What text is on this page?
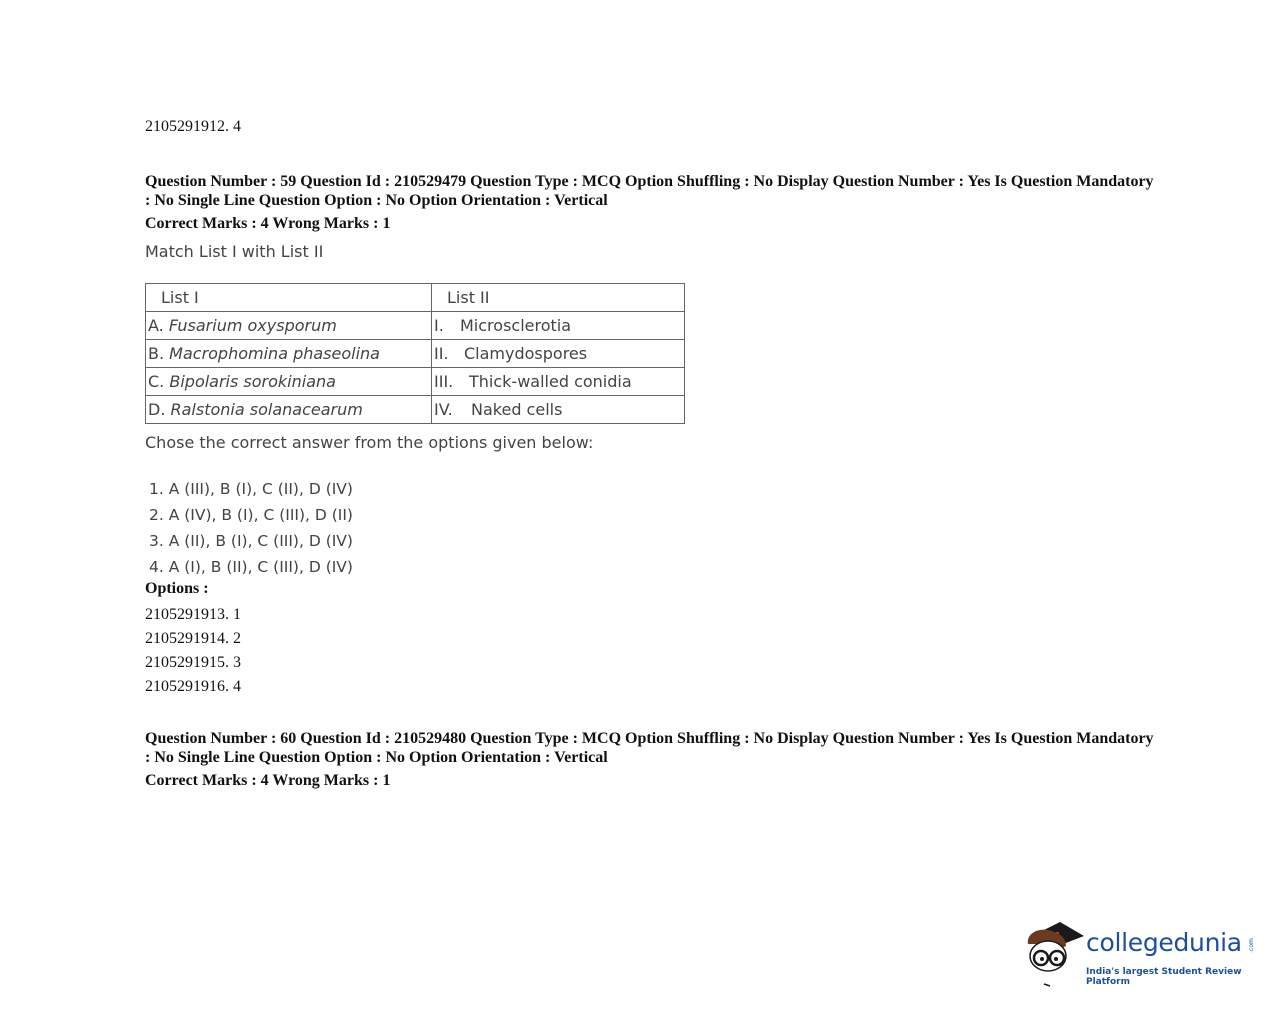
2105291912. 4
Question Number : 59 Question Id : 210529479 Question Type : MCQ Option Shuffling : No Display Question Number : Yes Is Question Mandatory : No Single Line Question Option : No Option Orientation : Vertical
Correct Marks : 4 Wrong Marks : 1
Match List I with List II
List I	List II
A. Fusarium oxysporum	I. Microsclerotia
B. Macrophomina phaseolina	II. Clamydospores
C. Bipolaris sorokiniana	III. Thick-walled conidia
D. Ralstonia solanacearum	IV. Naked cells
Chose the correct answer from the options given below:
1. A (III), B (I), C (II), D (IV)
2. A (IV), B (I), C (III), D (II)
3. A (II), B (I), C (III), D (IV)
4. A (I), B (II), C (III), D (IV)
Options :
2105291913. 1
2105291914. 2
2105291915. 3
2105291916. 4
Question Number : 60 Question Id : 210529480 Question Type : MCQ Option Shuffling : No Display Question Number : Yes Is Question Mandatory : No Single Line Question Option : No Option Orientation : Vertical
Correct Marks : 4 Wrong Marks : 1
collegedunia .com
India's largest Student Review Platform
